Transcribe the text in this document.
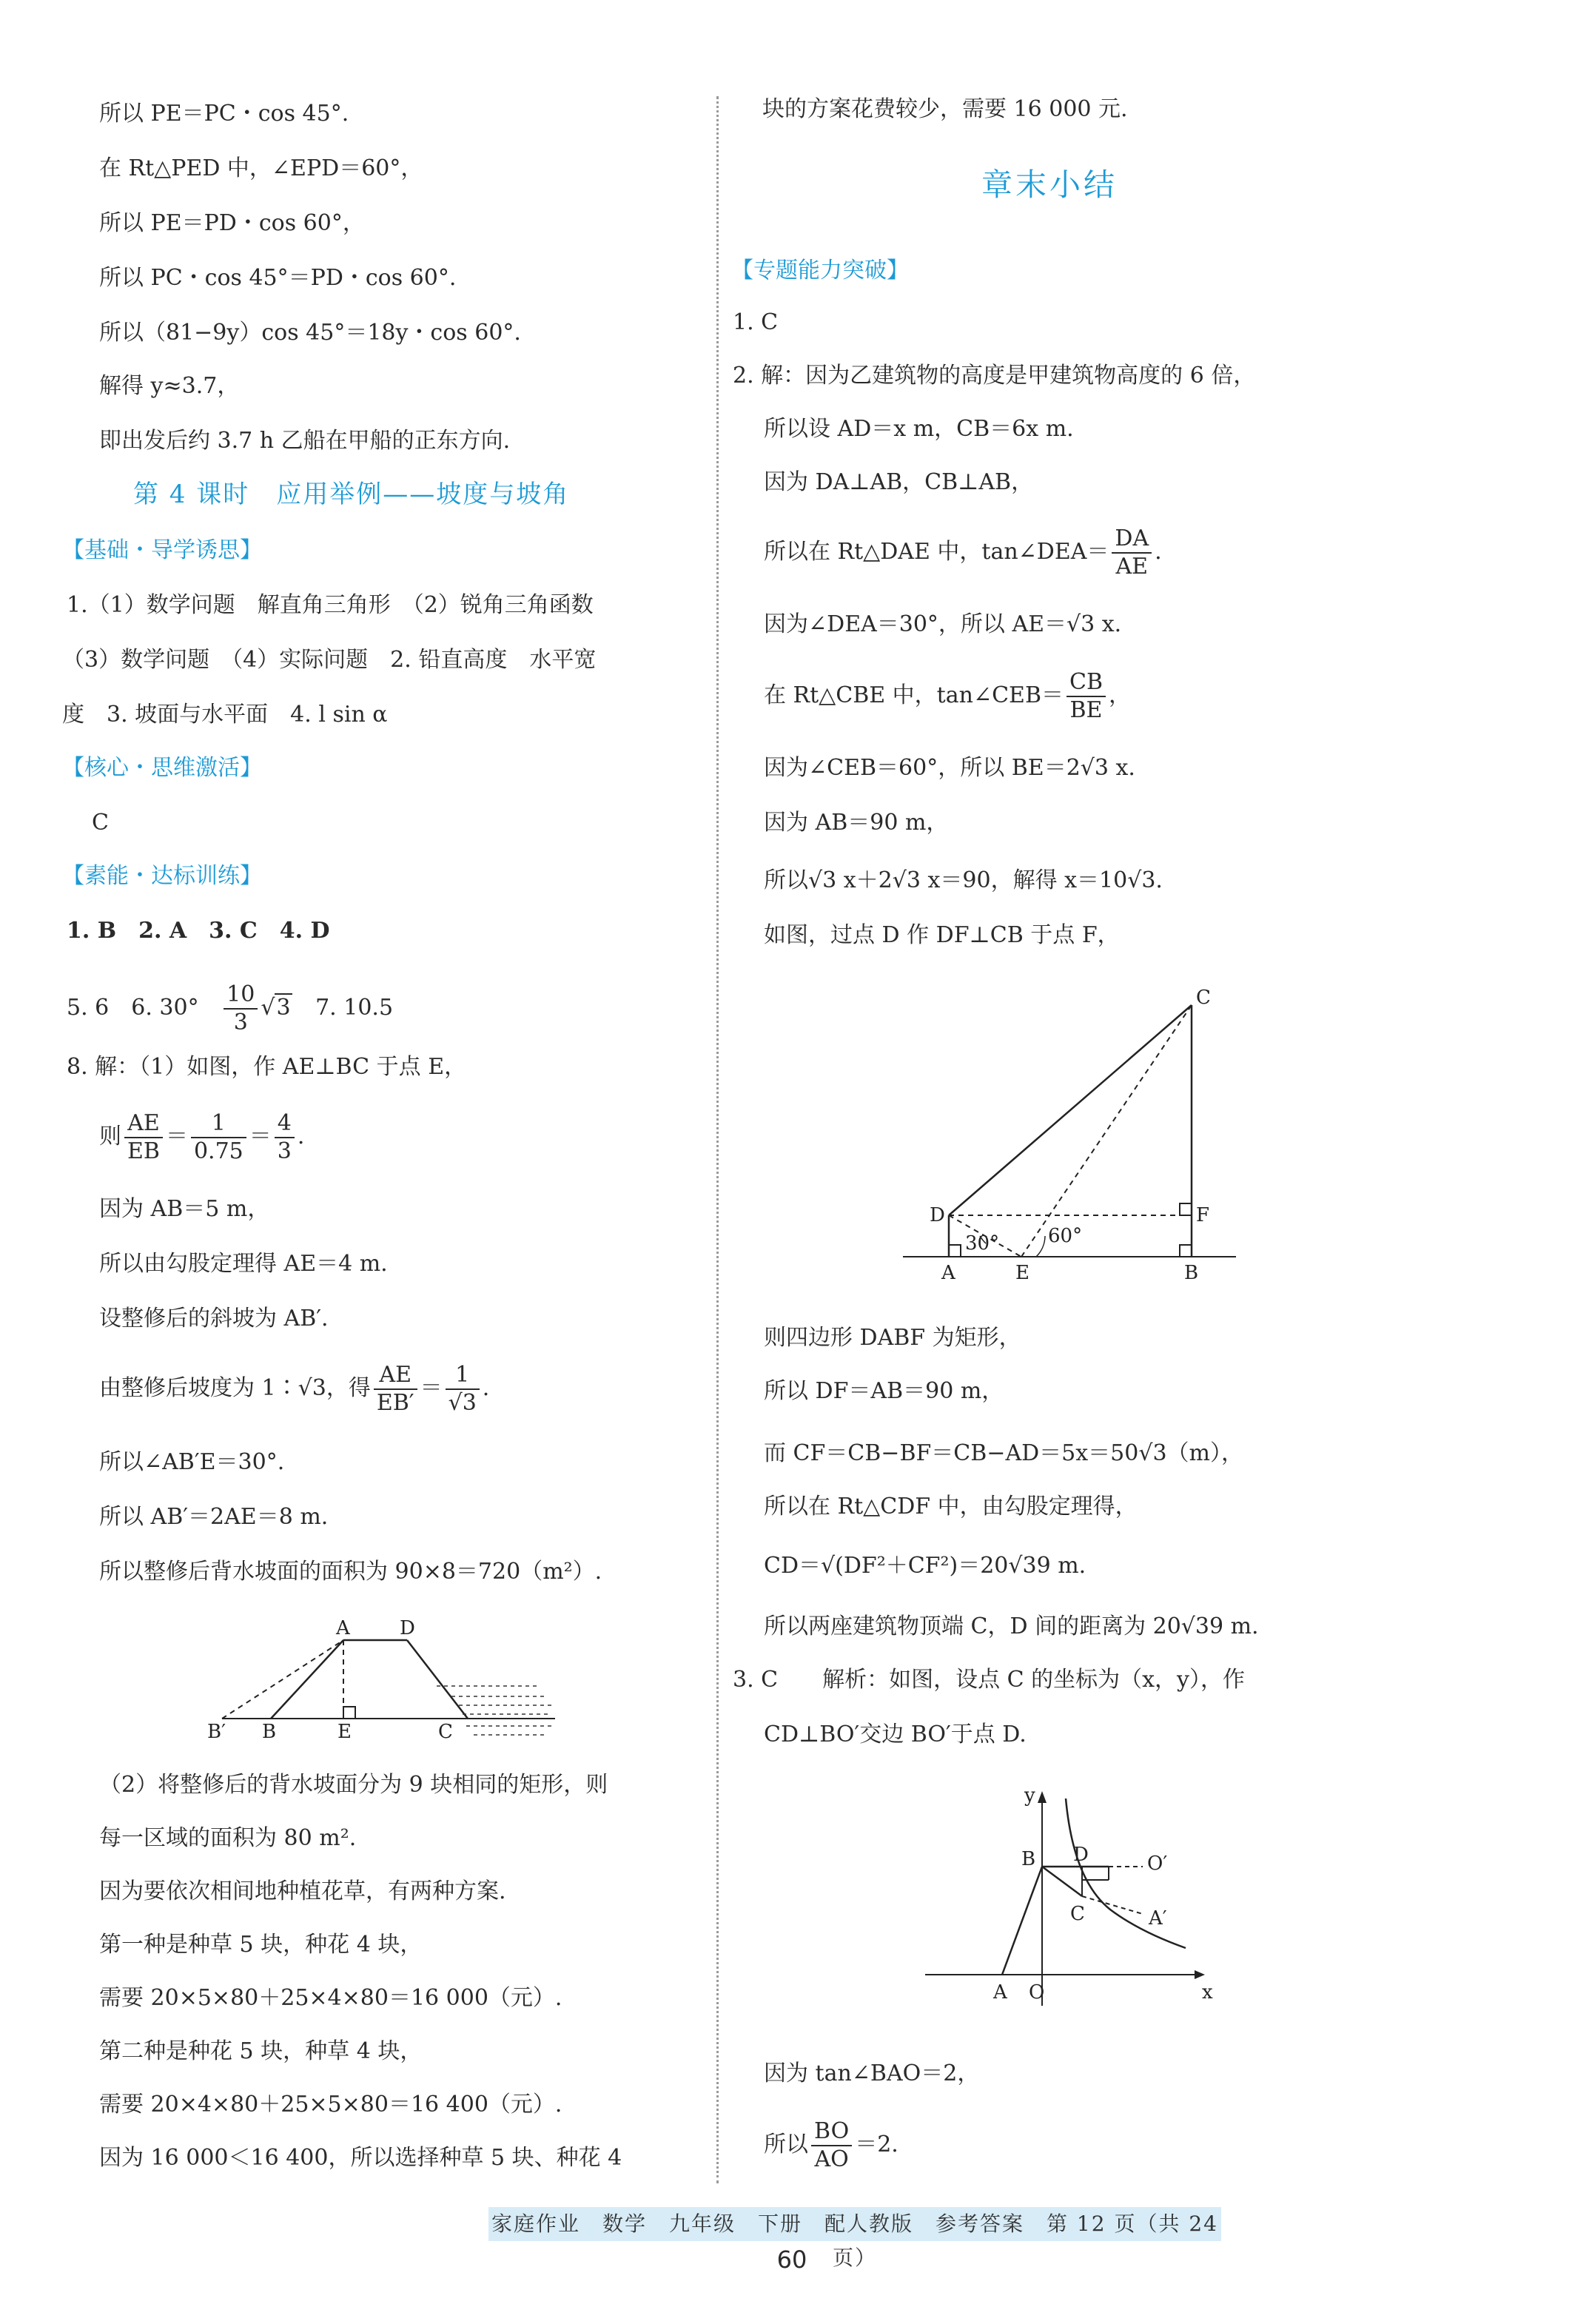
所以 PE＝PC・cos 45°.
在 Rt△PED 中，∠EPD＝60°，
所以 PE＝PD・cos 60°，
所以 PC・cos 45°＝PD・cos 60°.
所以（81−9y）cos 45°＝18y・cos 60°.
解得 y≈3.7，
即出发后约 3.7 h 乙船在甲船的正东方向.
第 4 课时　应用举例——坡度与坡角
【基础・导学诱思】
1.（1）数学问题　解直角三角形　（2）锐角三角函数
（3）数学问题　（4）实际问题　2. 铅直高度　水平宽
度　3. 坡面与水平面　4. l sin α
【核心・思维激活】
C
【素能・达标训练】
1. B　2. A　3. C　4. D
5. 6　6. $30^\circ \frac{10}{3} √3$ 7. 10.5
8. 解：（1）如图，作 AE⊥BC 于点 E，
则 $\frac{AE}{EB} = \frac{1}{0.75} = \frac{4}{3}$ .
因为 AB＝5 m，
所以由勾股定理得 AE＝4 m.
设整修后的斜坡为 AB′.
由整修后坡度为 1∶√3，得 $\frac{AE}{EB'} = \frac{1}{√3}$ .
所以∠AB′E＝30°.
所以 AB′＝2AE＝8 m.
所以整修后背水坡面的面积为 90×8＝720（m²）.
A	D
B′ B	E	C
（2）将整修后的背水坡面分为 9 块相同的矩形，则
每一区域的面积为 80 m².
因为要依次相间地种植花草，有两种方案.
第一种是种草 5 块，种花 4 块，
需要 20×5×80＋25×4×80＝16 000（元）.
第二种是种花 5 块，种草 4 块，
需要 20×4×80＋25×5×80＝16 400（元）.
因为 16 000＜16 400，所以选择种草 5 块、种花 4
块的方案花费较少，需要 16 000 元.
章末小结
【专题能力突破】
1. C
2. 解：因为乙建筑物的高度是甲建筑物高度的 6 倍，
所以设 AD＝x m，CB＝6x m.
因为 DA⊥AB，CB⊥AB，
所以在 Rt△DAE 中，tan∠DEA＝ $\frac{DA}{AE}$ .
因为∠DEA＝30°，所以 AE＝√3 x.
在 Rt△CBE 中，tan∠CEB＝ $\frac{CB}{BE}$ ，
因为∠CEB＝60°，所以 BE＝2√3 x.
因为 AB＝90 m，
所以√3 x＋2√3 x＝90，解得 x＝10√3.
如图，过点 D 作 DF⊥CB 于点 F，
C
D	F
A	E	B
30°	60°
则四边形 DABF 为矩形，
所以 DF＝AB＝90 m，
而 CF＝CB−BF＝CB−AD＝5x＝50√3（m），
所以在 Rt△CDF 中，由勾股定理得，
CD＝√(DF²＋CF²)＝20√39 m.
所以两座建筑物顶端 C，D 间的距离为 20√39 m.
3. C　　解析：如图，设点 C 的坐标为（x，y），作
CD⊥BO′交边 BO′于点 D.
y
x
B D	O′
C	A′
A O
因为 tan∠BAO＝2，
所以 $\frac{BO}{AO} =2$.
家庭作业　数学　九年级　下册　配人教版　参考答案　第 12 页（共 24 页）
60
